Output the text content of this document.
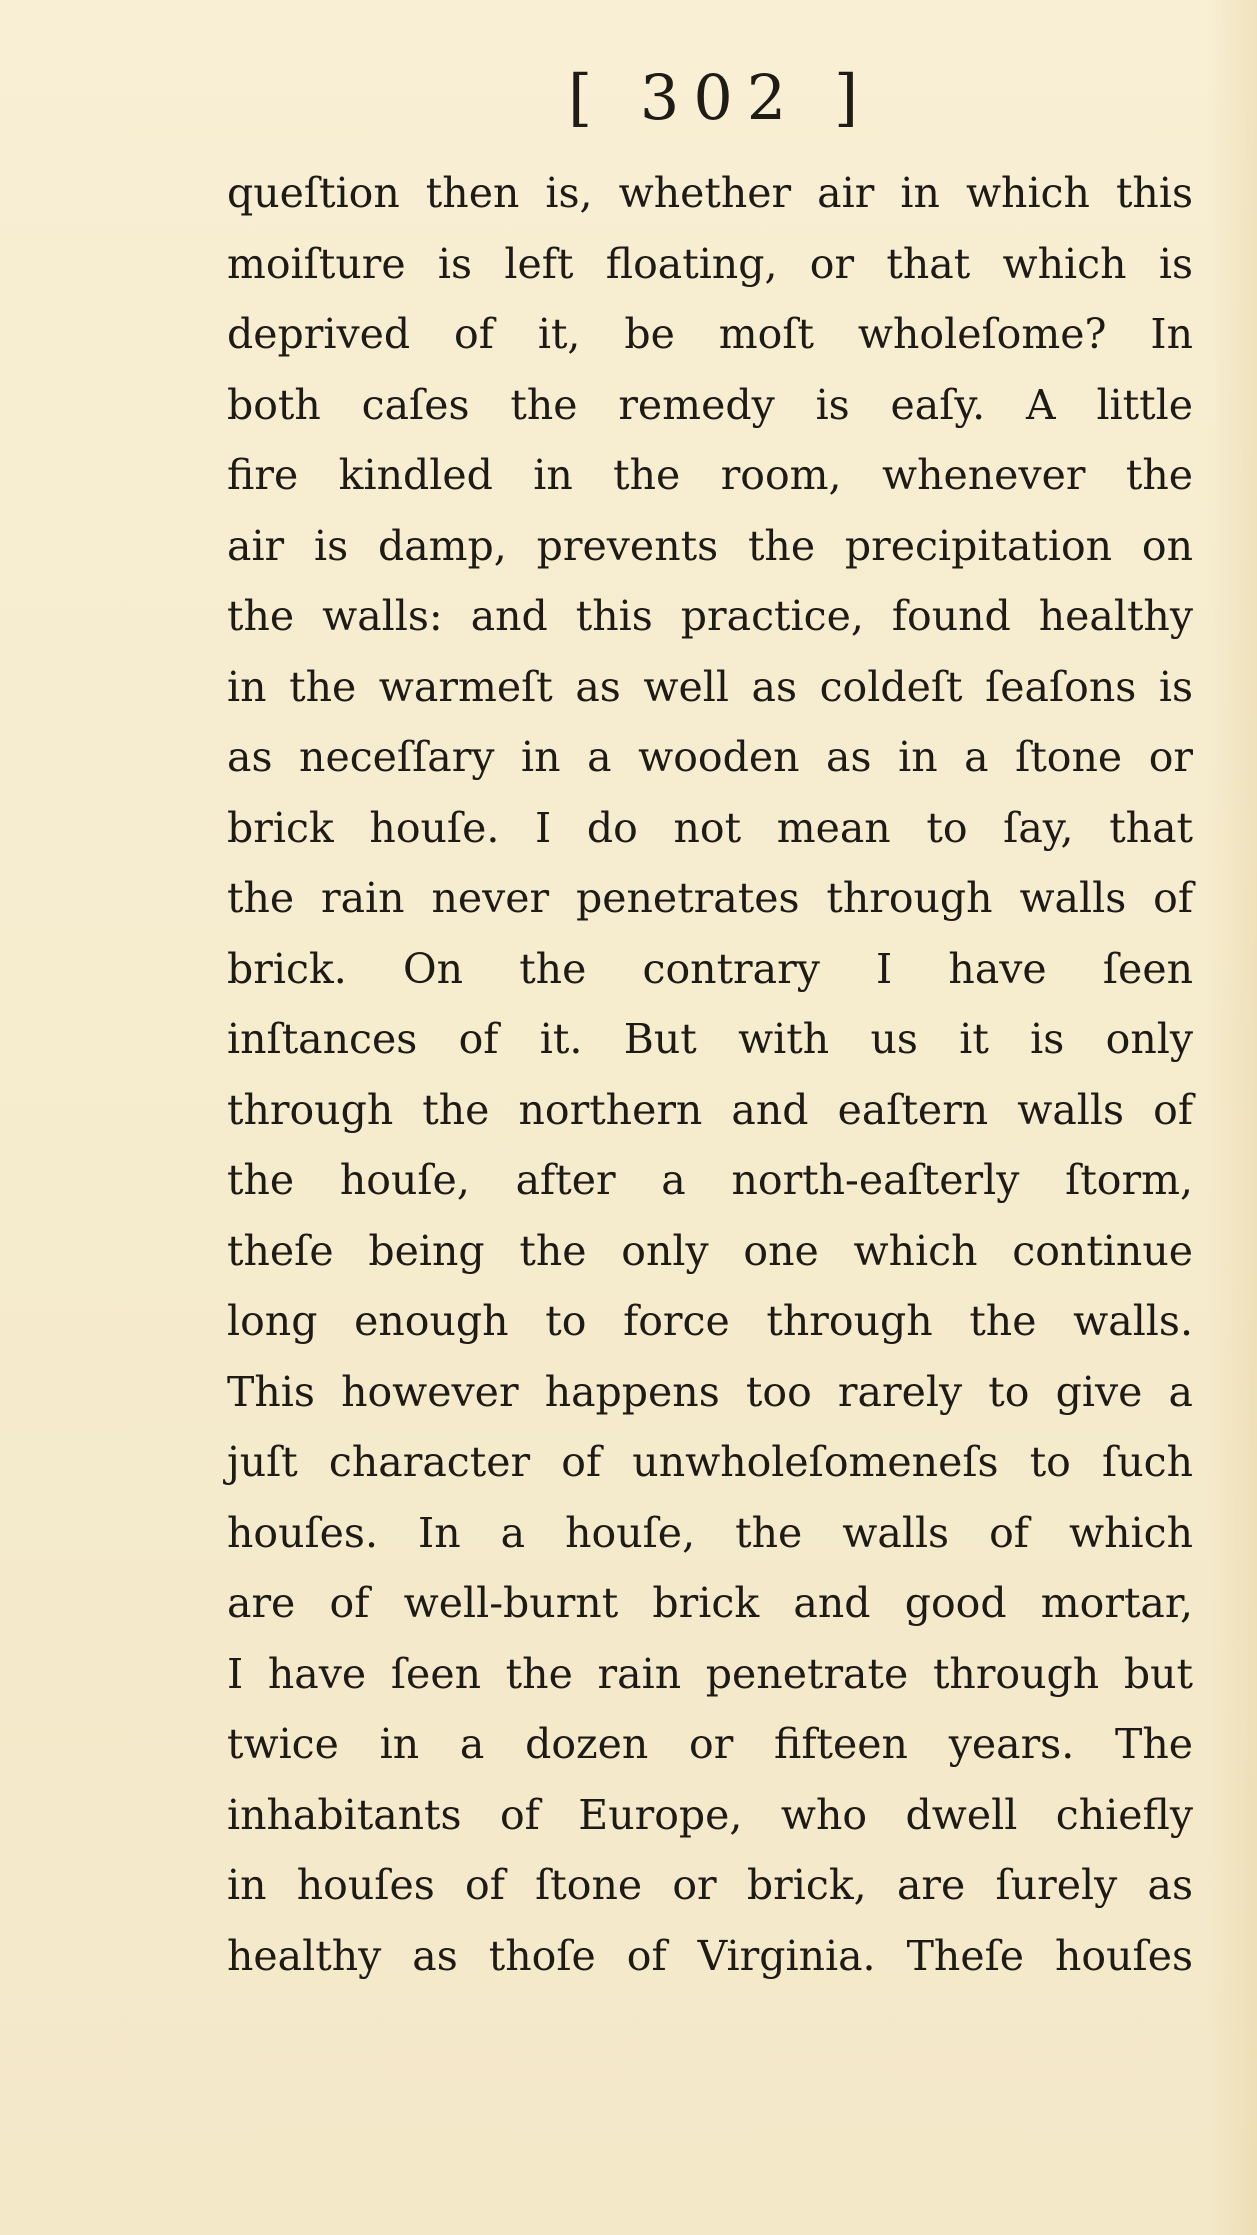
[ 302 ]
queſtion then is, whether air in which this
moiſture is left floating, or that which is
deprived of it, be moſt wholeſome? In
both caſes the remedy is eaſy. A little
fire kindled in the room, whenever the
air is damp, prevents the precipitation on
the walls: and this practice, found healthy
in the warmeſt as well as coldeſt ſeaſons is
as neceſſary in a wooden as in a ſtone or
brick houſe. I do not mean to ſay, that
the rain never penetrates through walls of
brick. On the contrary I have ſeen
inſtances of it. But with us it is only
through the northern and eaſtern walls of
the houſe, after a north-eaſterly ſtorm,
theſe being the only one which continue
long enough to force through the walls.
This however happens too rarely to give a
juſt character of unwholeſomeneſs to ſuch
houſes. In a houſe, the walls of which
are of well-burnt brick and good mortar,
I have ſeen the rain penetrate through but
twice in a dozen or fifteen years. The
inhabitants of Europe, who dwell chiefly
in houſes of ſtone or brick, are ſurely as
healthy as thoſe of Virginia. Theſe houſes
